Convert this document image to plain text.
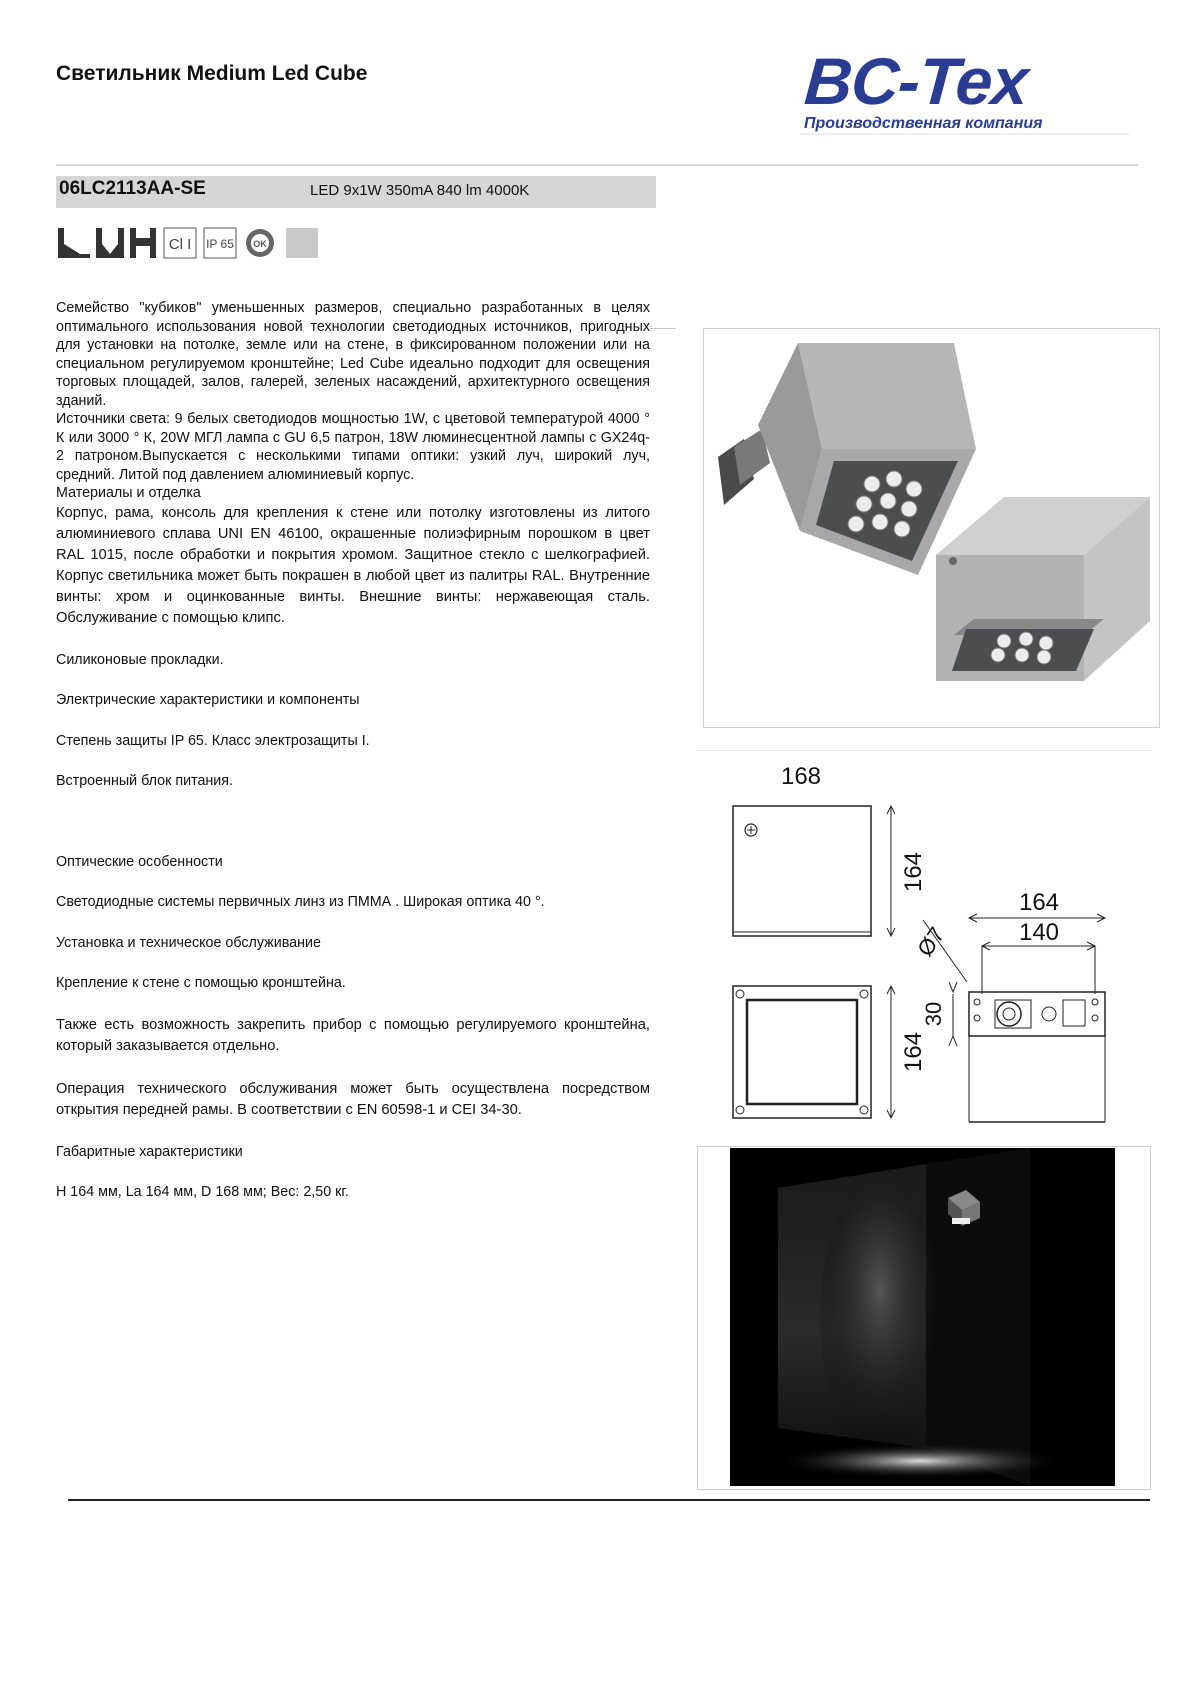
Светильник Medium Led Cube	BC-Tex
Производственная компания
06LC2113AA-SE	LED 9x1W 350mA 840 lm 4000K
Cl I IP 65 OK

Семейство "кубиков" уменьшенных размеров, специально разработанных в целях оптимального использования новой технологии светодиодных источников, пригодных для установки на потолке, земле или на стене, в фиксированном положении или на специальном регулируемом кронштейне; Led Cube идеально подходит для освещения торговых площадей, залов, галерей, зеленых насаждений, архитектурного освещения зданий.

Источники света: 9 белых светодиодов мощностью 1W, с цветовой температурой 4000 ° К или 3000 ° К, 20W МГЛ лампа с GU 6,5 патрон, 18W люминесцентной лампы с GX24q-2 патроном.Выпускается с несколькими типами оптики: узкий луч, широкий луч, средний. Литой под давлением алюминиевый корпус.

Материалы и отделка

Корпус, рама, консоль для крепления к стене или потолку изготовлены из литого алюминиевого сплава UNI EN 46100, окрашенные полиэфирным порошком в цвет RAL 1015, после обработки и покрытия хромом. Защитное стекло с шелкографией. Корпус светильника может быть покрашен в любой цвет из палитры RAL. Внутренние винты: хром и оцинкованные винты. Внешние винты: нержавеющая сталь. Обслуживание с помощью клипс.

Силиконовые прокладки.

Электрические характеристики и компоненты

Степень защиты IP 65. Класс электрозащиты I.

Встроенный блок питания.

Оптические особенности

Светодиодные системы первичных линз из ПММА . Широкая оптика 40 °.

Установка и техническое обслуживание

Крепление к стене с помощью кронштейна.

Также есть возможность закрепить прибор с помощью регулируемого кронштейна, который заказывается отдельно.

Операция технического обслуживания может быть осуществлена посредством открытия передней рамы. В соответствии с EN 60598-1 и CEI 34-30.

Габаритные характеристики

H 164 мм, La 164 мм, D 168 мм; Вес: 2,50 кг.

168
164
164
164
140
30
Ø7
